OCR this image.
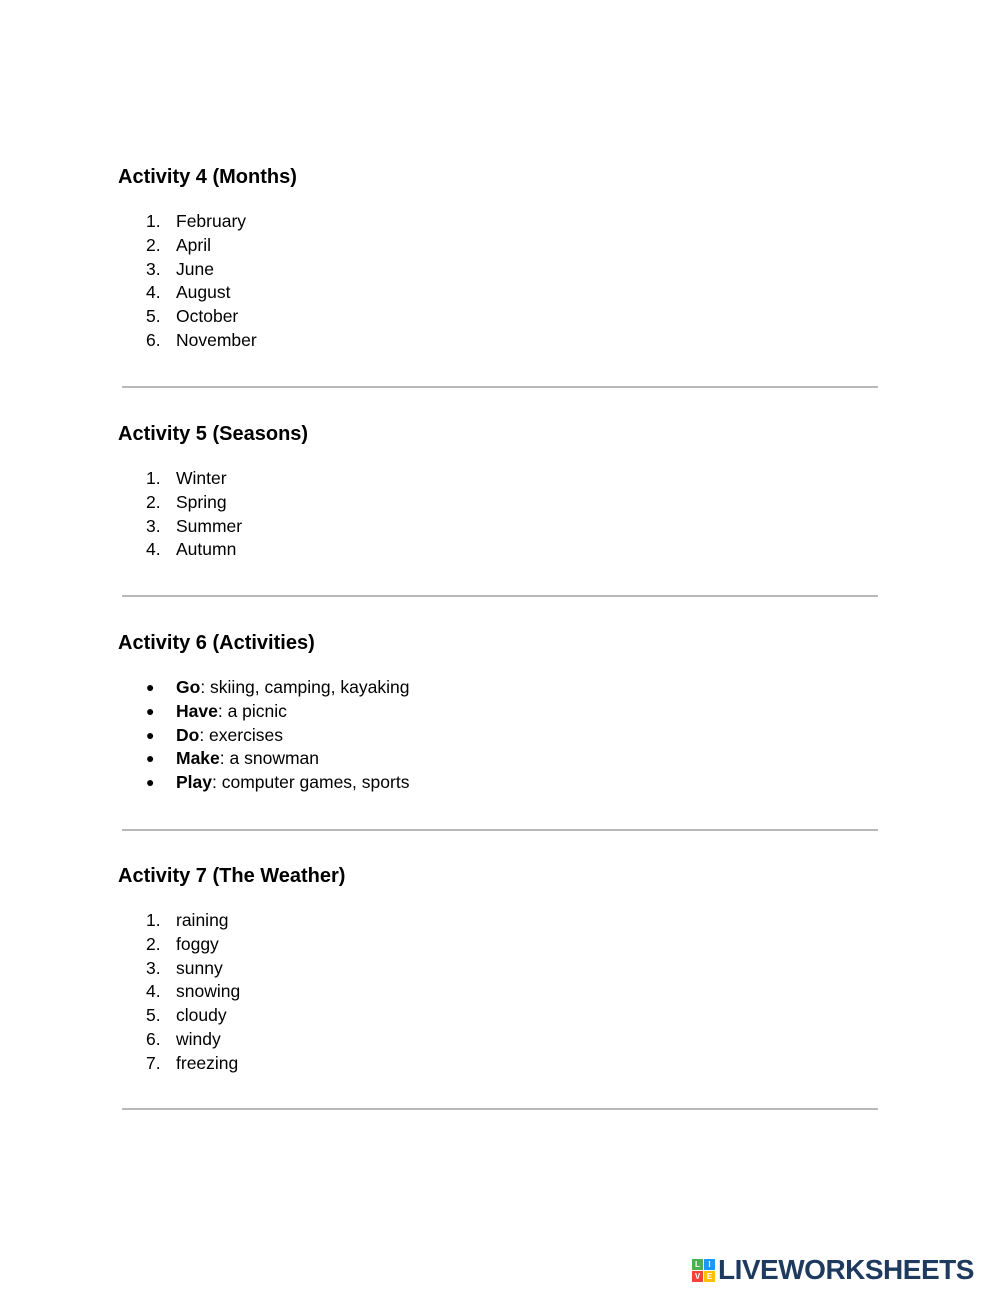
Activity 4 (Months)
1. February
2. April
3. June
4. August
5. October
6. November
Activity 5 (Seasons)
1. Winter
2. Spring
3. Summer
4. Autumn
Activity 6 (Activities)
● Go: skiing, camping, kayaking
● Have: a picnic
● Do: exercises
● Make: a snowman
● Play: computer games, sports
Activity 7 (The Weather)
1. raining
2. foggy
3. sunny
4. snowing
5. cloudy
6. windy
7. freezing
L	I
V E LIVEWORKSHEETS
